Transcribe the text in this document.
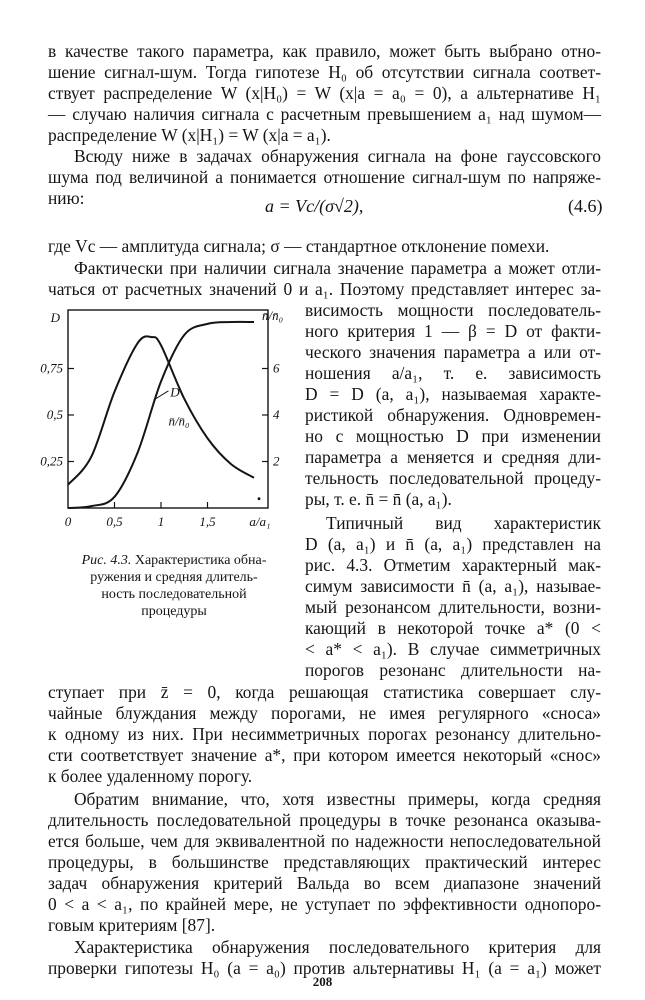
в качестве такого параметра, как правило, может быть выбрано отно-
шение сигнал-шум. Тогда гипотезе H₀ об отсутствии сигнала соответ-
ствует распределение W (x|H₀) = W (x|a = a₀ = 0), а альтернативе H₁
— случаю наличия сигнала с расчетным превышением a₁ над шумом—
распределение W (x|H₁) = W (x|a = a₁).
Всюду ниже в задачах обнаружения сигнала на фоне гауссовского
шума под величиной a понимается отношение сигнал-шум по напряже-
нию:	a = Vc/(σ√2),	(4.6)
где Vc — амплитуда сигнала; σ — стандартное отклонение помехи.
Фактически при наличии сигнала значение параметра a может отли-
чаться от расчетных значений 0 и a₁. Поэтому представляет интерес за-
висимость мощности последователь-
ного критерия 1 — β = D от факти-
ческого значения параметра a или от-
ношения a/a₁, т. е. зависимость
D = D (a, a₁), называемая характе-
ристикой обнаружения. Одновремен-
но с мощностью D при изменении
параметра a меняется и средняя дли-
тельность последовательной процеду-
ры, т. е. n̄ = n̄ (a, a₁).
Типичный вид характеристик
D (a, a₁) и n̄ (a, a₁) представлен на
рис. 4.3. Отметим характерный мак-
симум зависимости n̄ (a, a₁), называе-
мый резонансом длительности, возни-
кающий в некоторой точке a* (0 <
< a* < a₁). В случае симметричных
порогов резонанс длительности на-
ступает при z̄ = 0, когда решающая статистика совершает слу-
чайные блуждания между порогами, не имея регулярного «сноса»
к одному из них. При несимметричных порогах резонансу длительно-
сти соответствует значение a*, при котором имеется некоторый «снос»
к более удаленному порогу.
Обратим внимание, что, хотя известны примеры, когда средняя
длительность последовательной процедуры в точке резонанса оказыва-
ется больше, чем для эквивалентной по надежности непоследовательной
процедуры, в большинстве представляющих практический интерес
задач обнаружения критерий Вальда во всем диапазоне значений
0 < a < a₁, по крайней мере, не уступает по эффективности однопоро-
говым критериям [87].
Характеристика обнаружения последовательного критерия для
0,25
0,5
0,75
D
2
4
6
n̄/n̄₀
0	0,5	1	1,5	a/a₁
D
n̄/n̄₀
Рис. 4.3. Характеристика обна-
ружения и средняя длитель-
ность последовательной
процедуры
208
проверки гипотезы H₀ (a = a₀) против альтернативы H₁ (a = a₁) может
